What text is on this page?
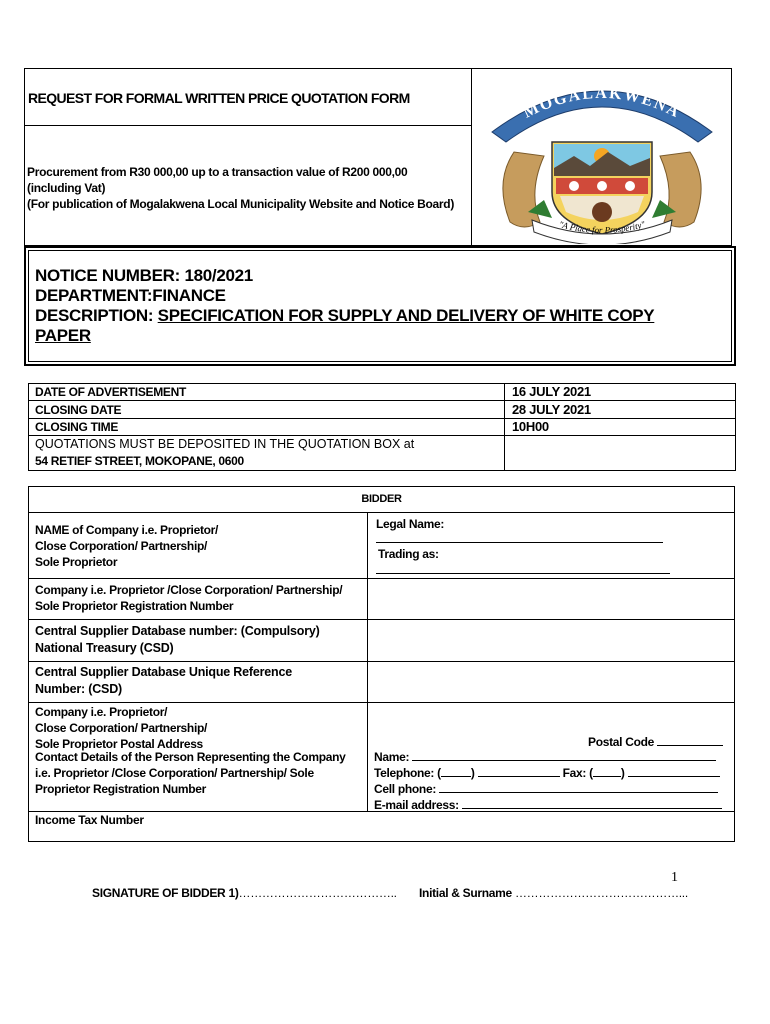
REQUEST FOR FORMAL WRITTEN PRICE QUOTATION FORM
Procurement from R30 000,00 up to a transaction value of R200 000,00
(including Vat)
(For publication of Mogalakwena Local Municipality Website and Notice Board)
MOGALAKWENA
"A Place for Prosperity"
NOTICE NUMBER: 180/2021
DEPARTMENT:FINANCE
DESCRIPTION: SPECIFICATION FOR SUPPLY AND DELIVERY OF WHITE COPY
PAPER
DATE OF ADVERTISEMENT
CLOSING DATE
CLOSING TIME
QUOTATIONS MUST BE DEPOSITED IN THE QUOTATION BOX at
54 RETIEF STREET, MOKOPANE, 0600
16 JULY 2021
28 JULY 2021
10H00
BIDDER
NAME of Company i.e. Proprietor/
Close Corporation/ Partnership/
Sole Proprietor
Legal Name:
Trading as:
Company i.e. Proprietor /Close Corporation/ Partnership/
Sole Proprietor Registration Number
Central Supplier Database number: (Compulsory)
National Treasury (CSD)
Central Supplier Database Unique Reference
Number: (CSD)
Company i.e. Proprietor/
Close Corporation/ Partnership/
Sole Proprietor Postal Address
Contact Details of the Person Representing the Company
i.e. Proprietor /Close Corporation/ Partnership/ Sole
Proprietor Registration Number
Postal Code
Name:
Telephone: (	)	Fax: ( )
Cell phone:
E-mail address:
Income Tax Number
1
SIGNATURE OF BIDDER 1)………………………………….. Initial & Surname ……………………………………...
